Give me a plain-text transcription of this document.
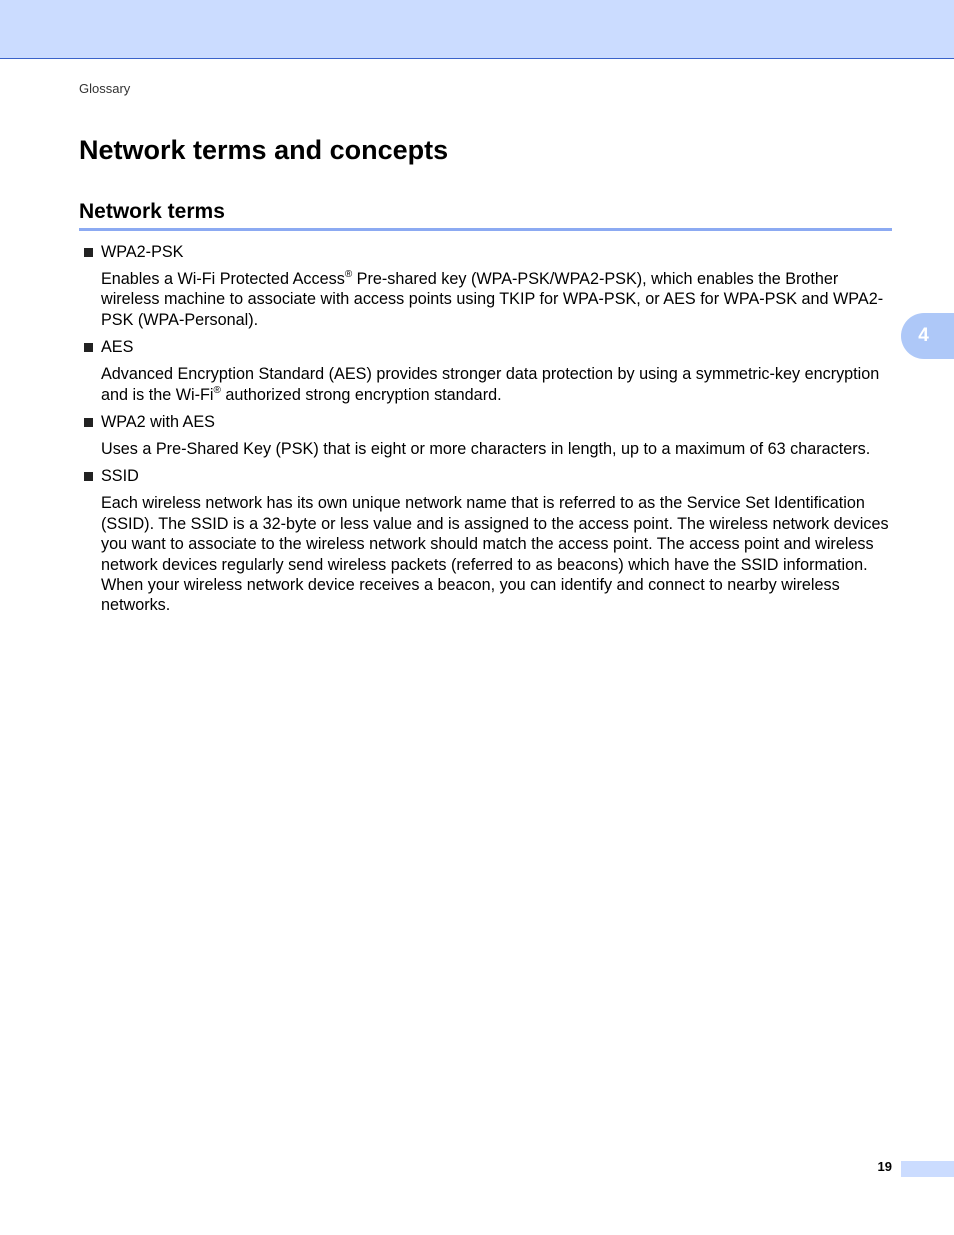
Glossary
Network terms and concepts
Network terms
WPA2-PSK

Enables a Wi-Fi Protected Access® Pre-shared key (WPA-PSK/WPA2-PSK), which enables the Brother wireless machine to associate with access points using TKIP for WPA-PSK, or AES for WPA-PSK and WPA2-PSK (WPA-Personal).

AES

Advanced Encryption Standard (AES) provides stronger data protection by using a symmetric-key encryption and is the Wi-Fi® authorized strong encryption standard.

WPA2 with AES

Uses a Pre-Shared Key (PSK) that is eight or more characters in length, up to a maximum of 63 characters.

SSID

Each wireless network has its own unique network name that is referred to as the Service Set Identification (SSID). The SSID is a 32-byte or less value and is assigned to the access point. The wireless network devices you want to associate to the wireless network should match the access point. The access point and wireless network devices regularly send wireless packets (referred to as beacons) which have the SSID information. When your wireless network device receives a beacon, you can identify and connect to nearby wireless networks.

4
19
